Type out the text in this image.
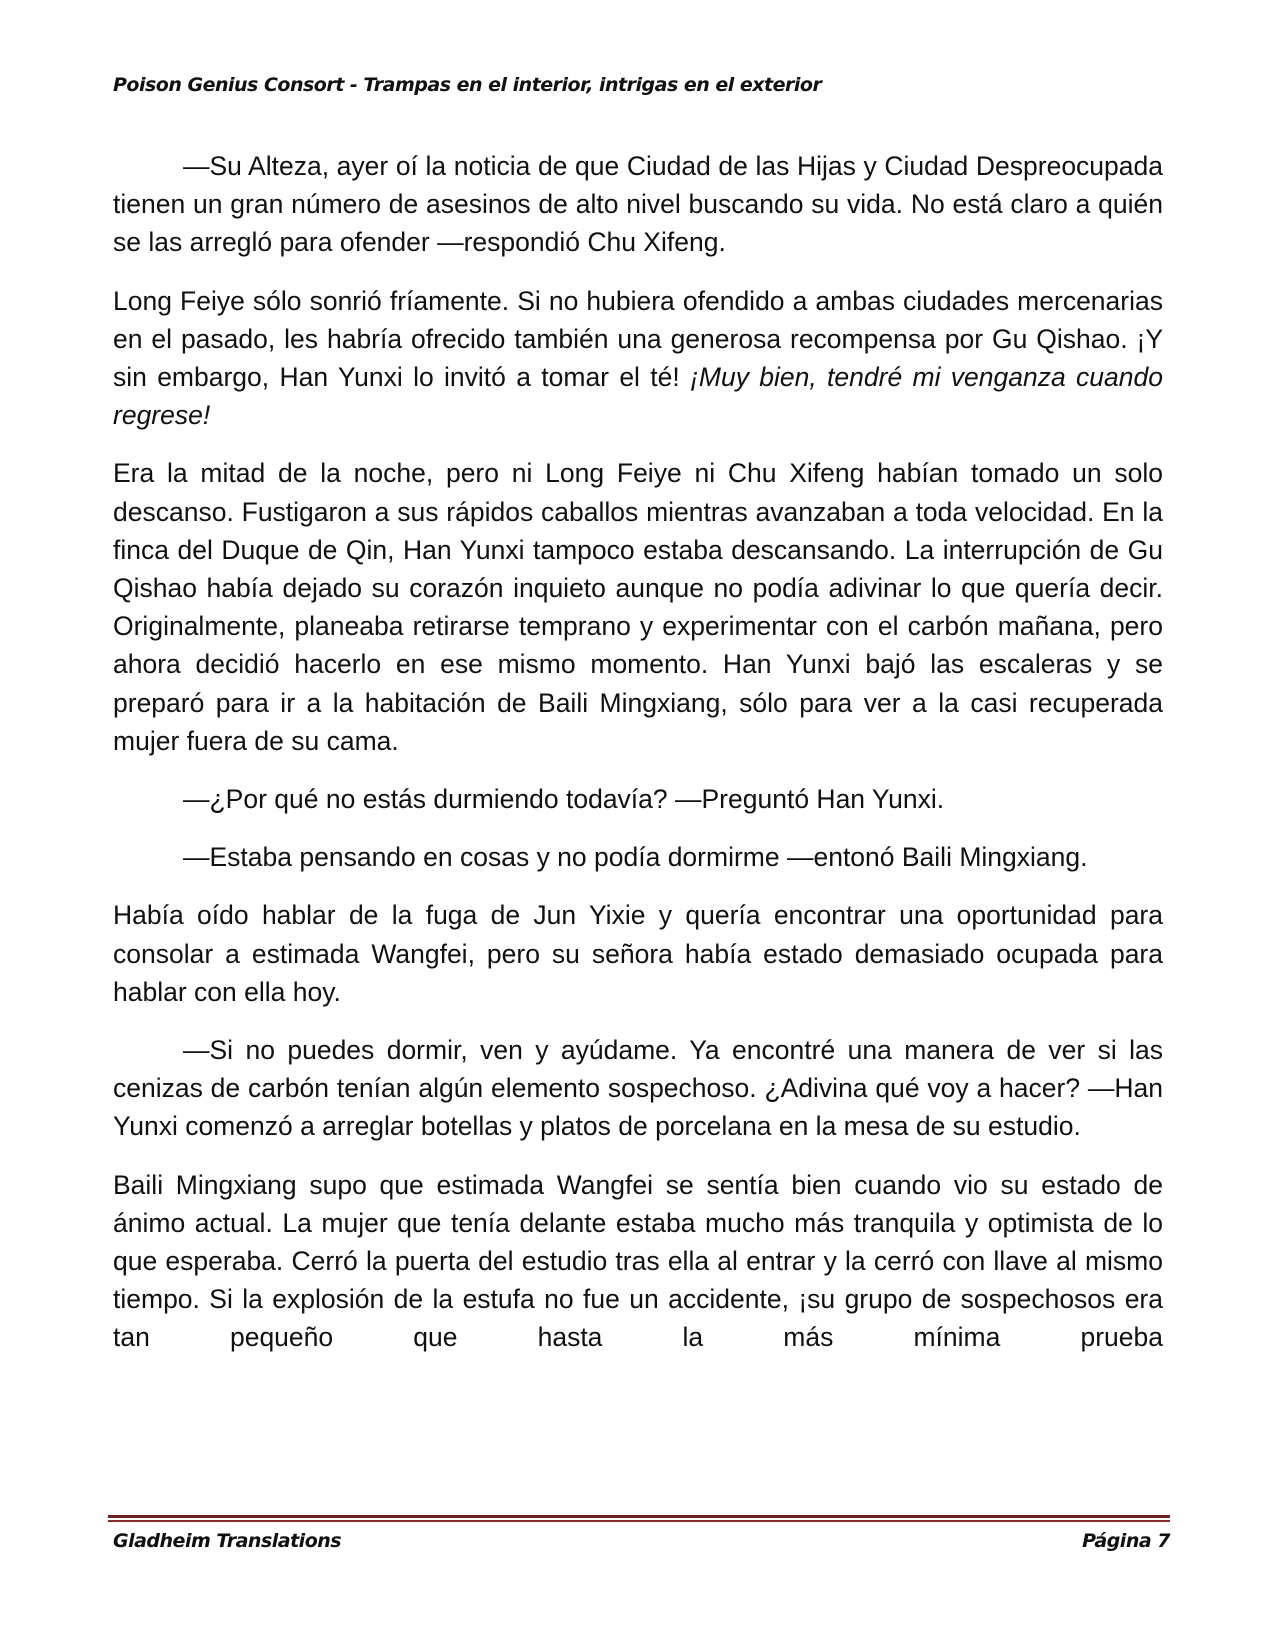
Poison Genius Consort - Trampas en el interior, intrigas en el exterior

—Su Alteza, ayer oí la noticia de que Ciudad de las Hijas y Ciudad Despreocupada tienen un gran número de asesinos de alto nivel buscando su vida. No está claro a quién se las arregló para ofender —respondió Chu Xifeng.

Long Feiye sólo sonrió fríamente. Si no hubiera ofendido a ambas ciudades mercenarias en el pasado, les habría ofrecido también una generosa recompensa por Gu Qishao. ¡Y sin embargo, Han Yunxi lo invitó a tomar el té! ¡Muy bien, tendré mi venganza cuando regrese!

Era la mitad de la noche, pero ni Long Feiye ni Chu Xifeng habían tomado un solo descanso. Fustigaron a sus rápidos caballos mientras avanzaban a toda velocidad. En la finca del Duque de Qin, Han Yunxi tampoco estaba descansando. La interrupción de Gu Qishao había dejado su corazón inquieto aunque no podía adivinar lo que quería decir. Originalmente, planeaba retirarse temprano y experimentar con el carbón mañana, pero ahora decidió hacerlo en ese mismo momento. Han Yunxi bajó las escaleras y se preparó para ir a la habitación de Baili Mingxiang, sólo para ver a la casi recuperada mujer fuera de su cama.

—¿Por qué no estás durmiendo todavía? —Preguntó Han Yunxi.

—Estaba pensando en cosas y no podía dormirme —entonó Baili Mingxiang.

Había oído hablar de la fuga de Jun Yixie y quería encontrar una oportunidad para consolar a estimada Wangfei, pero su señora había estado demasiado ocupada para hablar con ella hoy.

—Si no puedes dormir, ven y ayúdame. Ya encontré una manera de ver si las cenizas de carbón tenían algún elemento sospechoso. ¿Adivina qué voy a hacer? —Han Yunxi comenzó a arreglar botellas y platos de porcelana en la mesa de su estudio.

Baili Mingxiang supo que estimada Wangfei se sentía bien cuando vio su estado de ánimo actual. La mujer que tenía delante estaba mucho más tranquila y optimista de lo que esperaba. Cerró la puerta del estudio tras ella al entrar y la cerró con llave al mismo tiempo. Si la explosión de la estufa no fue un accidente, ¡su grupo de sospechosos era tan pequeño que hasta la más mínima prueba

Gladheim Translations	Página 7
